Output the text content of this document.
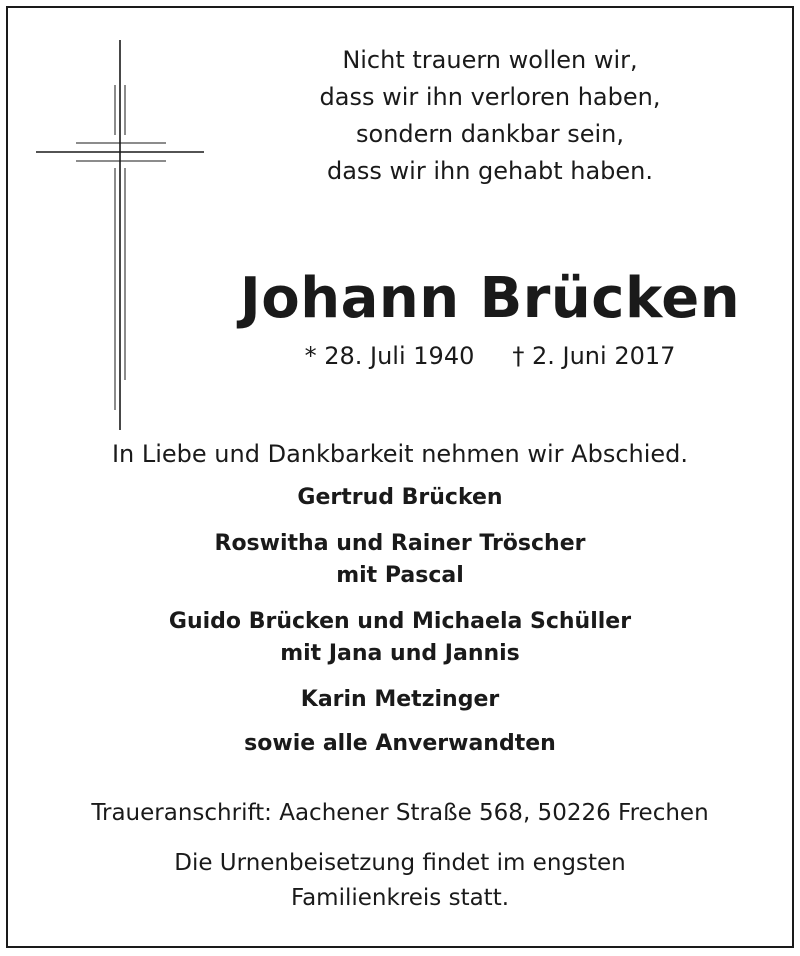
Nicht trauern wollen wir,
dass wir ihn verloren haben,
sondern dankbar sein,
dass wir ihn gehabt haben.
Johann Brücken
* 28. Juli 1940 † 2. Juni 2017
In Liebe und Dankbarkeit nehmen wir Abschied.
Gertrud Brücken
Roswitha und Rainer Tröscher
mit Pascal
Guido Brücken und Michaela Schüller
mit Jana und Jannis
Karin Metzinger
sowie alle Anverwandten
Traueranschrift: Aachener Straße 568, 50226 Frechen
Die Urnenbeisetzung findet im engsten
Familienkreis statt.
